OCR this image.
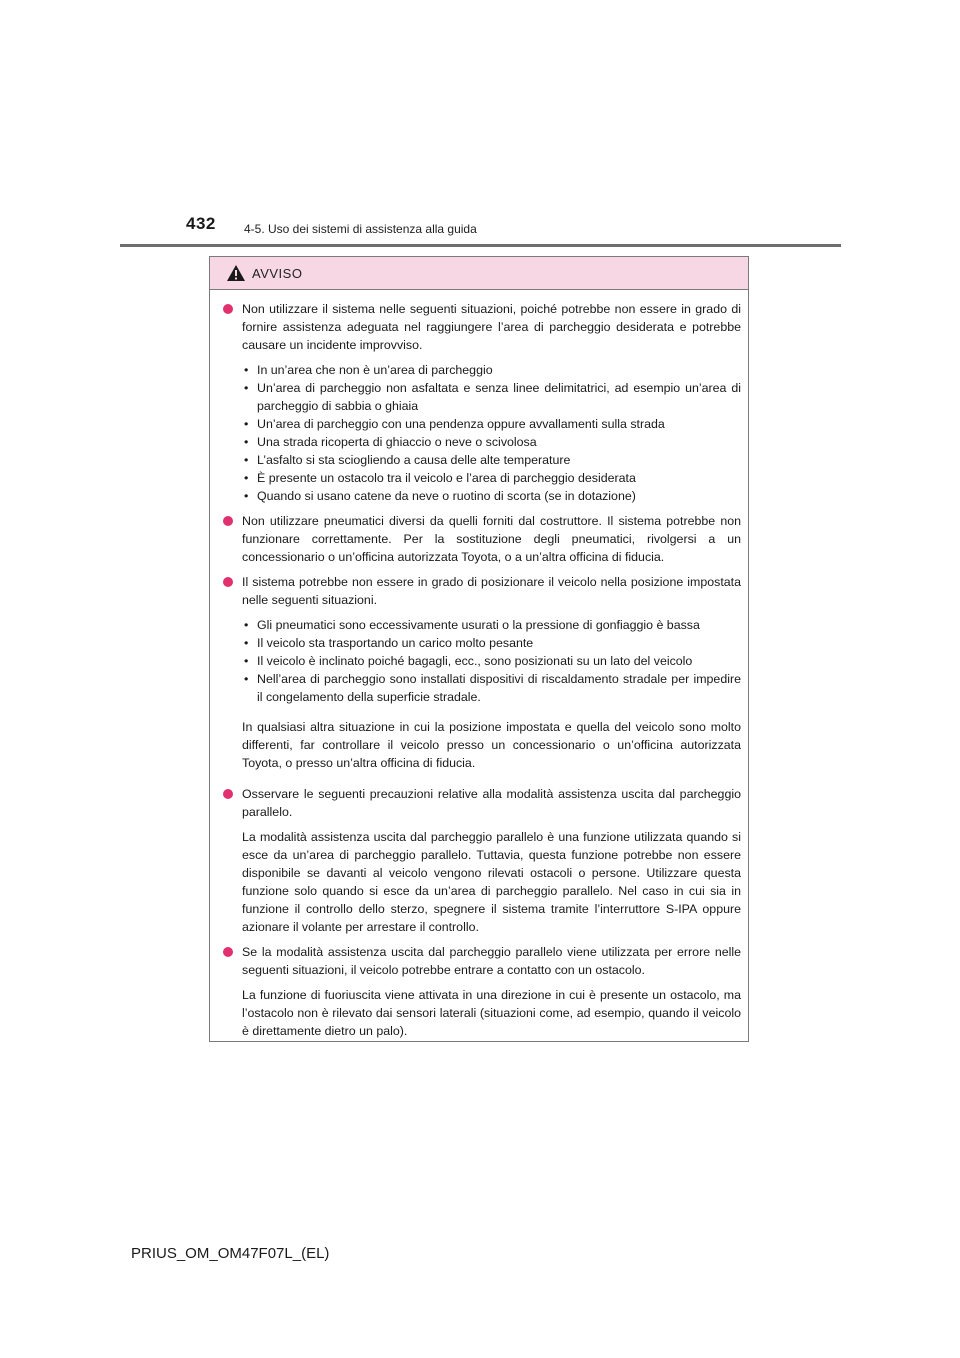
432 4-5. Uso dei sistemi di assistenza alla guida
AVVISO

Non utilizzare il sistema nelle seguenti situazioni, poiché potrebbe non essere in grado di fornire assistenza adeguata nel raggiungere l’area di parcheggio desiderata e potrebbe causare un incidente improvviso.

• In un’area che non è un’area di parcheggio
• Un’area di parcheggio non asfaltata e senza linee delimitatrici, ad esempio un’area di parcheggio di sabbia o ghiaia
• Un’area di parcheggio con una pendenza oppure avvallamenti sulla strada
• Una strada ricoperta di ghiaccio o neve o scivolosa
• L’asfalto si sta sciogliendo a causa delle alte temperature
• È presente un ostacolo tra il veicolo e l’area di parcheggio desiderata
• Quando si usano catene da neve o ruotino di scorta (se in dotazione)

Non utilizzare pneumatici diversi da quelli forniti dal costruttore. Il sistema potrebbe non funzionare correttamente. Per la sostituzione degli pneumatici, rivolgersi a un concessionario o un’officina autorizzata Toyota, o a un’altra officina di fiducia.

Il sistema potrebbe non essere in grado di posizionare il veicolo nella posizione impostata nelle seguenti situazioni.

• Gli pneumatici sono eccessivamente usurati o la pressione di gonfiaggio è bassa
• Il veicolo sta trasportando un carico molto pesante
• Il veicolo è inclinato poiché bagagli, ecc., sono posizionati su un lato del veicolo
• Nell’area di parcheggio sono installati dispositivi di riscaldamento stradale per impedire il congelamento della superficie stradale.

In qualsiasi altra situazione in cui la posizione impostata e quella del veicolo sono molto differenti, far controllare il veicolo presso un concessionario o un’officina autorizzata Toyota, o presso un’altra officina di fiducia.

Osservare le seguenti precauzioni relative alla modalità assistenza uscita dal parcheggio parallelo.

La modalità assistenza uscita dal parcheggio parallelo è una funzione utilizzata quando si esce da un’area di parcheggio parallelo. Tuttavia, questa funzione potrebbe non essere disponibile se davanti al veicolo vengono rilevati ostacoli o persone. Utilizzare questa funzione solo quando si esce da un’area di parcheggio parallelo. Nel caso in cui sia in funzione il controllo dello sterzo, spegnere il sistema tramite l’interruttore S-IPA oppure azionare il volante per arrestare il controllo.

Se la modalità assistenza uscita dal parcheggio parallelo viene utilizzata per errore nelle seguenti situazioni, il veicolo potrebbe entrare a contatto con un ostacolo.

La funzione di fuoriuscita viene attivata in una direzione in cui è presente un ostacolo, ma l’ostacolo non è rilevato dai sensori laterali (situazioni come, ad esempio, quando il veicolo è direttamente dietro un palo).

PRIUS_OM_OM47F07L_(EL)
